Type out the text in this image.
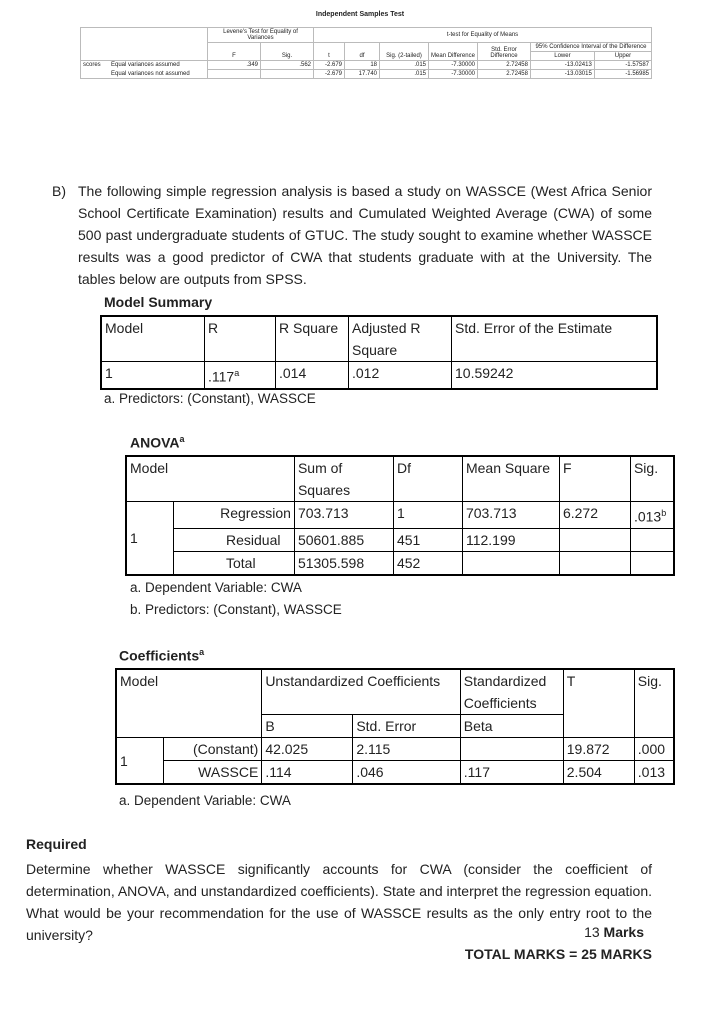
Independent Samples Test
	Levene's Test for Equality of Variances		t-test for Equality of Means						
	F	Sig.	t	df	Sig. (2-tailed)	Mean Difference	Std. Error Difference	95% Confidence Interval of the Difference	
								Lower	Upper
scores Equal variances assumed	.349	.562	-2.679	18	.015	-7.30000	2.72458	-13.02413	-1.57587
Equal variances not assumed			-2.679	17.740	.015	-7.30000	2.72458	-13.03015	-1.56985
B) The following simple regression analysis is based a study on WASSCE (West Africa Senior School Certificate Examination) results and Cumulated Weighted Average (CWA) of some 500 past undergraduate students of GTUC. The study sought to examine whether WASSCE results was a good predictor of CWA that students graduate with at the University. The tables below are outputs from SPSS.
Model Summary
Model	R	R Square	Adjusted R Square	Std. Error of the Estimate
1	.117$^a$	.014	.012	10.59242
a. Predictors: (Constant), WASSCE
ANOVA$^a$
Model		Sum of Squares	Df	Mean Square	F	Sig.
1	Regression	703.713	1	703.713	6.272	.013$^b$
	Residual	50601.885	451	112.199		
	Total	51305.598	452			
a. Dependent Variable: CWA
b. Predictors: (Constant), WASSCE
Coefficients$^a$
Model		Unstandardized Coefficients		Standardized Coefficients	T	Sig.
		B	Std. Error	Beta		
1	(Constant)	42.025	2.115		19.872	.000
	WASSCE	.114	.046	.117	2.504	.013
a. Dependent Variable: CWA
Required
Determine whether WASSCE significantly accounts for CWA (consider the coefficient of determination, ANOVA, and unstandardized coefficients). State and interpret the regression equation. What would be your recommendation for the use of WASSCE results as the only entry root to the university?	13 Marks
TOTAL MARKS = 25 MARKS
